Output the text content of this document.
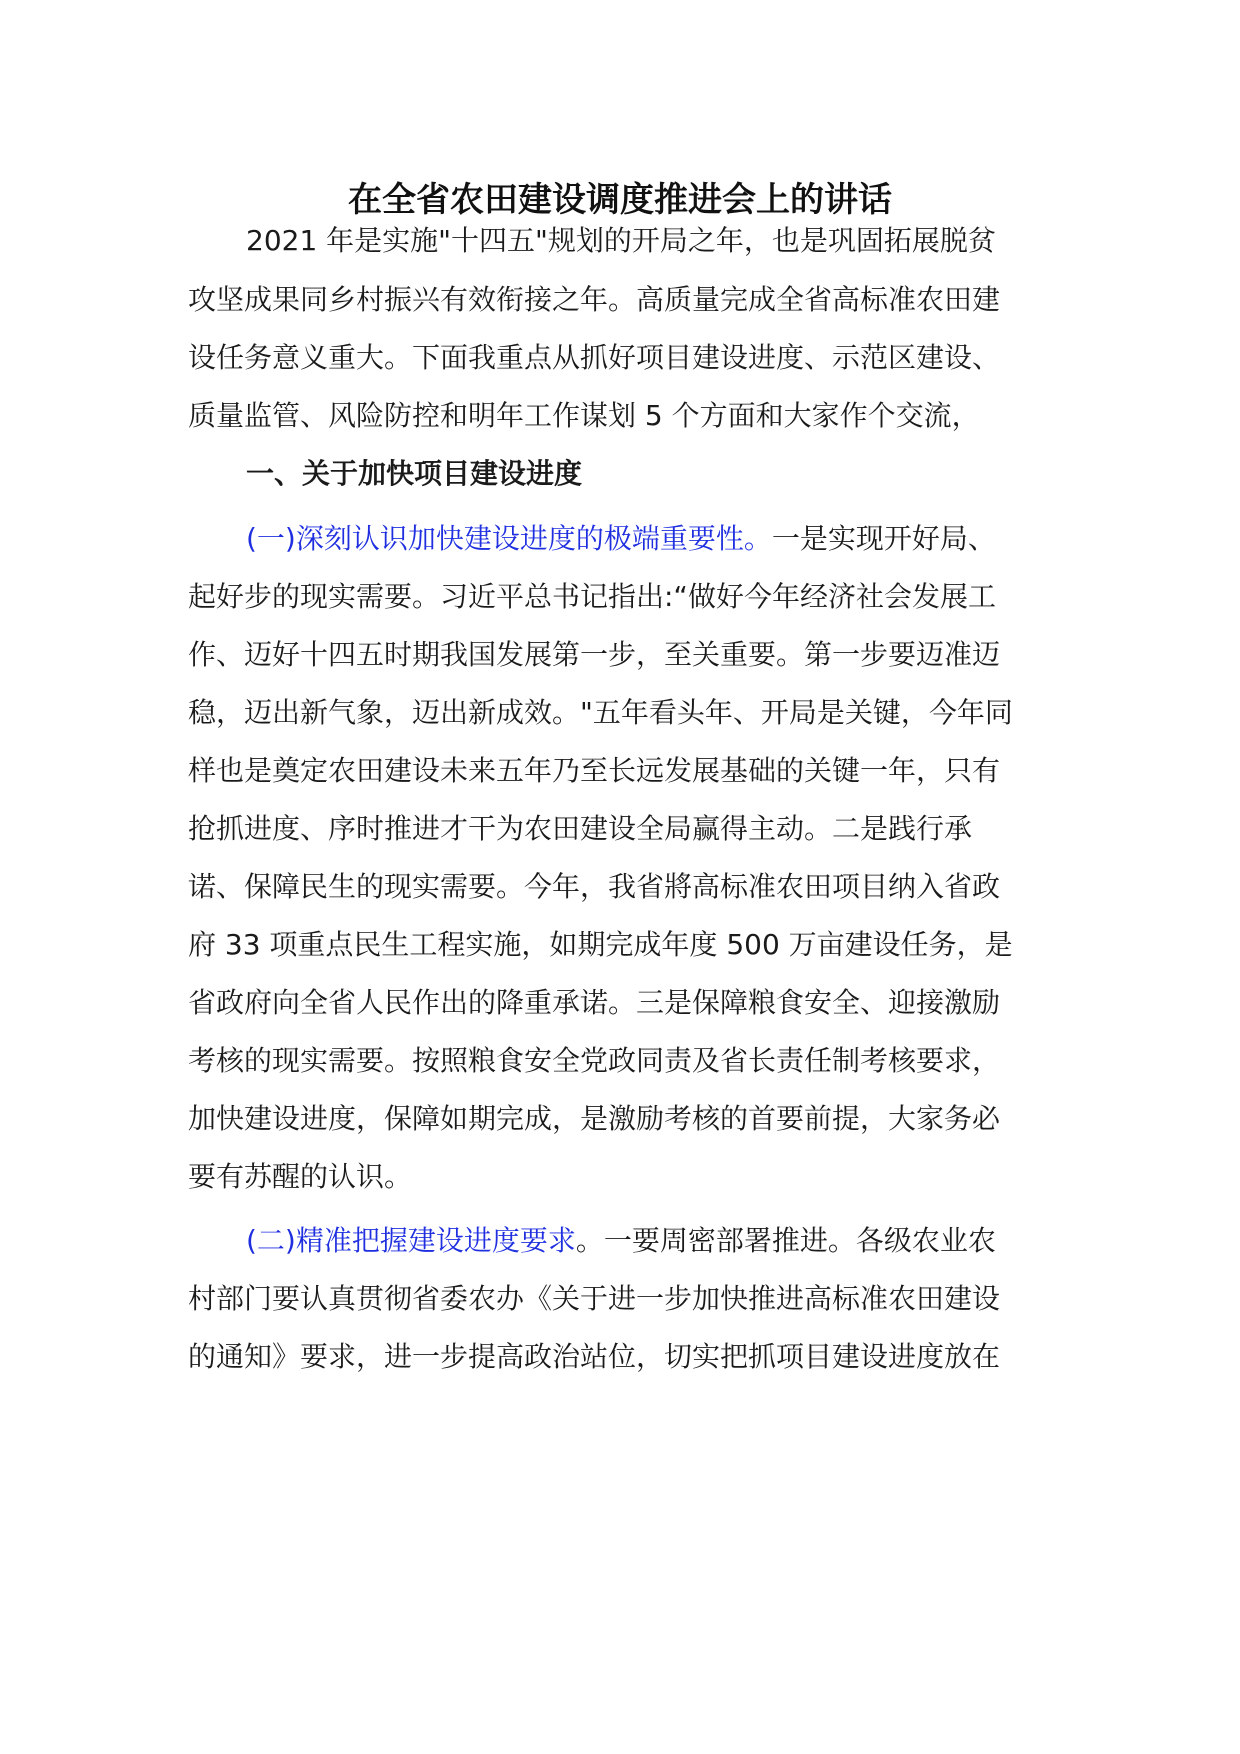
在全省农田建设调度推进会上的讲话
2021 年是实施"十四五"规划的开局之年，也是巩固拓展脱贫
攻坚成果同乡村振兴有效衔接之年。高质量完成全省高标准农田建
设任务意义重大。下面我重点从抓好项目建设进度、示范区建设、
质量监管、风险防控和明年工作谋划 5 个方面和大家作个交流，
一、关于加快项目建设进度
(一)深刻认识加快建设进度的极端重要性。一是实现开好局、
起好步的现实需要。习近平总书记指出:“做好今年经济社会发展工
作、迈好十四五时期我国发展第一步，至关重要。第一步要迈准迈
稳，迈出新气象，迈出新成效。"五年看头年、开局是关键，今年同
样也是奠定农田建设未来五年乃至长远发展基础的关键一年，只有
抢抓进度、序时推进才干为农田建设全局赢得主动。二是践行承
诺、保障民生的现实需要。今年，我省將高标准农田项目纳入省政
府 33 项重点民生工程实施，如期完成年度 500 万亩建设任务，是
省政府向全省人民作出的降重承诺。三是保障粮食安全、迎接激励
考核的现实需要。按照粮食安全党政同责及省长责任制考核要求，
加快建设进度，保障如期完成，是激励考核的首要前提，大家务必
要有苏醒的认识。
(二)精准把握建设进度要求。一要周密部署推进。各级农业农
村部门要认真贯彻省委农办《关于进一步加快推进高标准农田建设
的通知》要求，进一步提高政治站位，切实把抓项目建设进度放在
